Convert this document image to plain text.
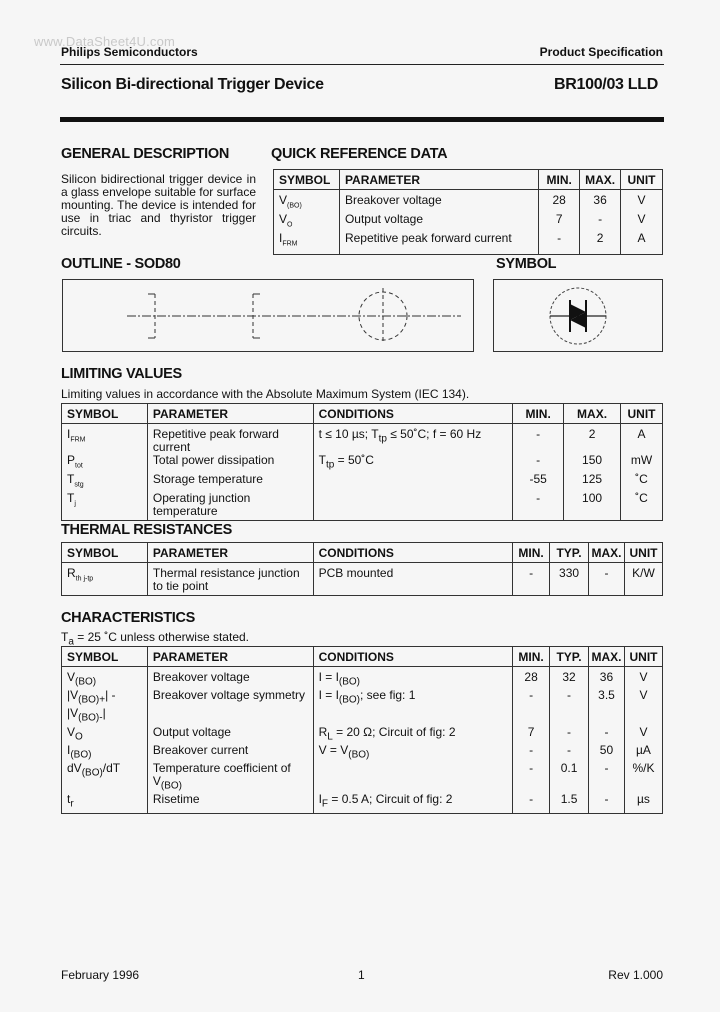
www.DataSheet4U.com
Philips Semiconductors	Product Specification
Silicon Bi-directional Trigger Device	BR100/03 LLD
GENERAL DESCRIPTION
Silicon bidirectional trigger device in a glass envelope suitable for surface mounting. The device is intended for use in triac and thyristor trigger circuits.
QUICK REFERENCE DATA
SYMBOL	PARAMETER	MIN.	MAX.	UNIT
$V_{(BO)}$	Breakover voltage	28	36	V
$V_O$	Output voltage	7	-	V
$I_{FRM}$	Repetitive peak forward current	-	2	A
OUTLINE - SOD80	SYMBOL
LIMITING VALUES
Limiting values in accordance with the Absolute Maximum System (IEC 134).
SYMBOL	PARAMETER	CONDITIONS	MIN.	MAX.	UNIT
$I_{FRM}$	Repetitive peak forward current	t ≤ 10 µs; $T_{tp}$ ≤ 50˚C; f = 60 Hz	-	2	A
$P_{tot}$	Total power dissipation	$T_{tp}$ = 50˚C	-	150	mW
$T_{stg}$	Storage temperature		-55	125	˚C
$T_j$	Operating junction temperature		-	100	˚C
THERMAL RESISTANCES
SYMBOL	PARAMETER	CONDITIONS	MIN.	TYP.	MAX.	UNIT
$R_{th j-tp}$	Thermal resistance junction to tie point	PCB mounted	-	330	-	K/W
CHARACTERISTICS
$T_a = 25$ ˚C unless otherwise stated.
SYMBOL	PARAMETER	CONDITIONS	MIN.	TYP.	MAX.	UNIT
$V_{(BO)}$	Breakover voltage	$I = I_{(BO)}$	28	32	36	V
$|V_{(BO)+}| - |V_{(BO)-}|$	Breakover voltage symmetry	$I = I_{(BO)}$; see fig: 1	-	-	3.5	V
$V_O$	Output voltage	$R_L = 20$ Ω; Circuit of fig: 2	7	-	-	V
$I_{(BO)}$	Breakover current	$V = V_{(BO)}$	-	-	50	µA
$dV_{(BO)}/dT$	Temperature coefficient of $V_{(BO)}$		-	0.1	-	%/K
$t_r$	Risetime	$I_F = 0.5$ A; Circuit of fig: 2	-	1.5	-	µs
February 1996	1	Rev 1.000
